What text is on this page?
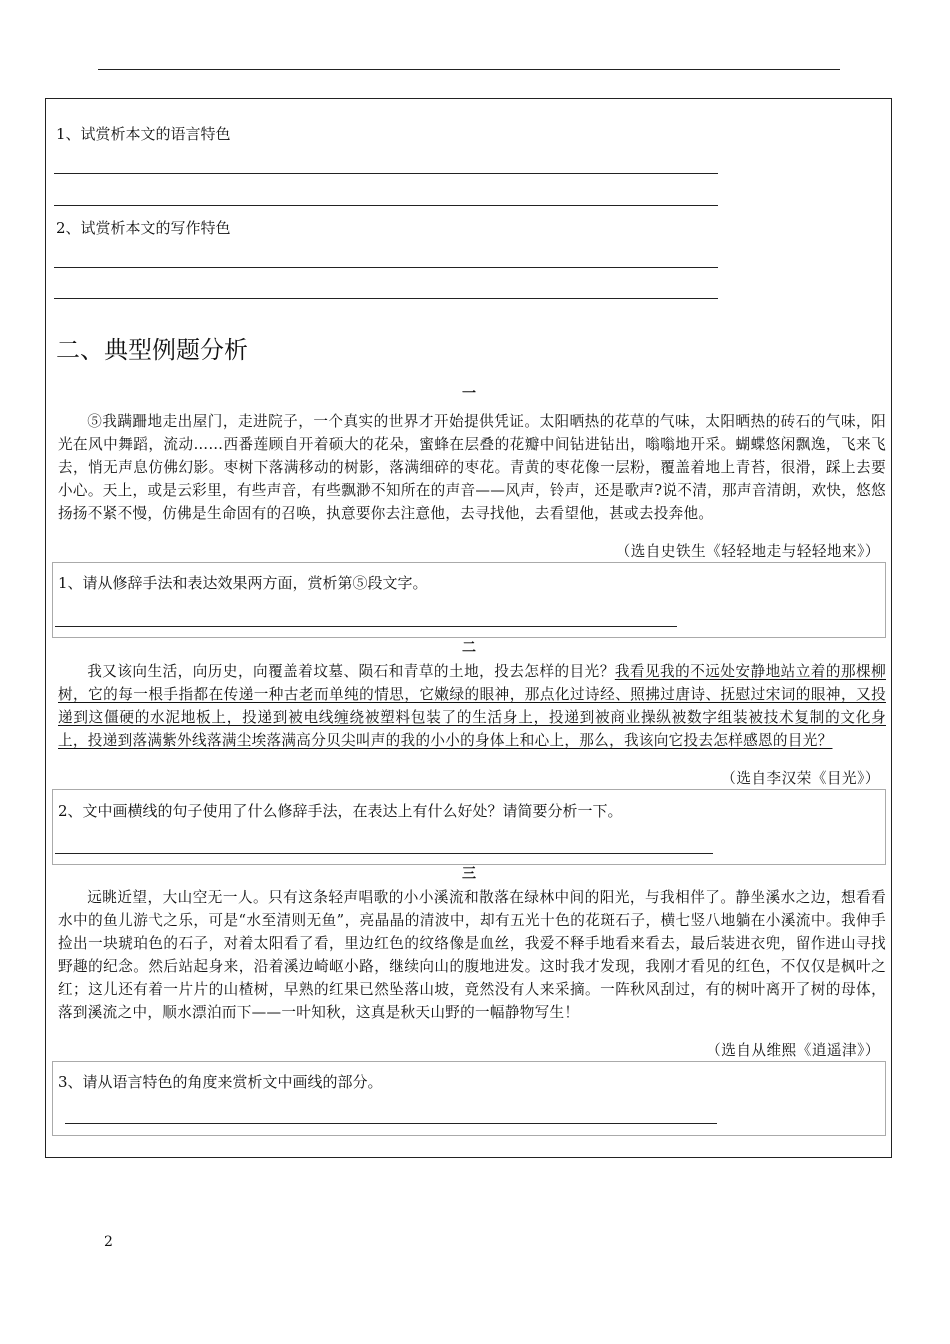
1、试赏析本文的语言特色
2、试赏析本文的写作特色
二、典型例题分析
一
⑤我蹒跚地走出屋门，走进院子，一个真实的世界才开始提供凭证。太阳晒热的花草的气味，太阳晒热的砖石的气味，阳光在风中舞蹈，流动……西番莲顾自开着硕大的花朵，蜜蜂在层叠的花瓣中间钻进钻出，嗡嗡地开采。蝴蝶悠闲飘逸，飞来飞去，悄无声息仿佛幻影。枣树下落满移动的树影，落满细碎的枣花。青黄的枣花像一层粉，覆盖着地上青苔，很滑，踩上去要小心。天上，或是云彩里，有些声音，有些飘渺不知所在的声音——风声，铃声，还是歌声?说不清，那声音清朗，欢快，悠悠扬扬不紧不慢，仿佛是生命固有的召唤，执意要你去注意他，去寻找他，去看望他，甚或去投奔他。
（选自史铁生《轻轻地走与轻轻地来》）
1、请从修辞手法和表达效果两方面，赏析第⑤段文字。
二
我又该向生活，向历史，向覆盖着坟墓、陨石和青草的土地，投去怎样的目光？我看见我的不远处安静地站立着的那棵柳树，它的每一根手指都在传递一种古老而单纯的情思，它嫩绿的眼神，那点化过诗经、照拂过唐诗、抚慰过宋词的眼神，又投递到这僵硬的水泥地板上，投递到被电线缠绕被塑料包装了的生活身上，投递到被商业操纵被数字组装被技术复制的文化身上，投递到落满紫外线落满尘埃落满高分贝尖叫声的我的小小的身体上和心上，那么，我该向它投去怎样感恩的目光？
（选自李汉荣《目光》）
2、文中画横线的句子使用了什么修辞手法，在表达上有什么好处？请简要分析一下。
三
远眺近望，大山空无一人。只有这条轻声唱歌的小小溪流和散落在绿林中间的阳光，与我相伴了。静坐溪水之边，想看看水中的鱼儿游弋之乐，可是“水至清则无鱼”，亮晶晶的清波中，却有五光十色的花斑石子，横七竖八地躺在小溪流中。我伸手捡出一块琥珀色的石子，对着太阳看了看，里边红色的纹络像是血丝，我爱不释手地看来看去，最后装进衣兜，留作进山寻找野趣的纪念。然后站起身来，沿着溪边崎岖小路，继续向山的腹地进发。这时我才发现，我刚才看见的红色，不仅仅是枫叶之红；这儿还有着一片片的山楂树，早熟的红果已然坠落山坡，竟然没有人来采摘。一阵秋风刮过，有的树叶离开了树的母体，落到溪流之中，顺水漂泊而下——一叶知秋，这真是秋天山野的一幅静物写生！
（选自从维熙《逍遥津》）
3、请从语言特色的角度来赏析文中画线的部分。
2
